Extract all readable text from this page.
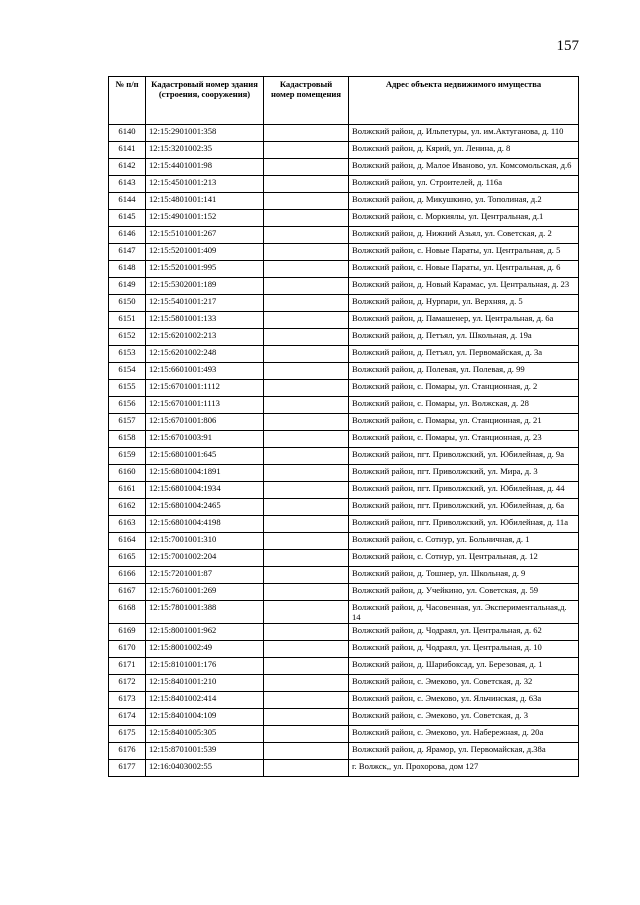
157
№ п/п	Кадастровый номер здания (строения, сооружения)	Кадастровый номер помещения	Адрес объекта недвижимого имущества
6140	12:15:2901001:358		Волжский район, д. Ильпетуры, ул. им.Актуганова, д. 110
6141	12:15:3201002:35		Волжский район, д. Кярий, ул. Ленина, д. 8
6142	12:15:4401001:98		Волжский район, д. Малое Иваново, ул. Комсомольская, д.6
6143	12:15:4501001:213		Волжский район, ул. Строителей, д. 116а
6144	12:15:4801001:141		Волжский район, д. Микушкино, ул. Тополиная, д.2
6145	12:15:4901001:152		Волжский район, с. Моркиялы, ул. Центральная, д.1
6146	12:15:5101001:267		Волжский район, д. Нижний Азьял, ул. Советская, д. 2
6147	12:15:5201001:409		Волжский район, с. Новые Параты, ул. Центральная, д. 5
6148	12:15:5201001:995		Волжский район, с. Новые Параты, ул. Центральная, д. 6
6149	12:15:5302001:189		Волжский район, д. Новый Карамас, ул. Центральная, д. 23
6150	12:15:5401001:217		Волжский район, д. Нурпари, ул. Верхняя, д. 5
6151	12:15:5801001:133		Волжский район, д. Памашенер, ул. Центральная, д. 6а
6152	12:15:6201002:213		Волжский район, д. Петъял, ул. Школьная, д. 19а
6153	12:15:6201002:248		Волжский район, д. Петъял, ул. Первомайская, д. 3а
6154	12:15:6601001:493		Волжский район, д. Полевая, ул. Полевая, д. 99
6155	12:15:6701001:1112		Волжский район, с. Помары, ул. Станционная, д. 2
6156	12:15:6701001:1113		Волжский район, с. Помары, ул. Волжская, д. 28
6157	12:15:6701001:806		Волжский район, с. Помары, ул. Станционная, д. 21
6158	12:15:6701003:91		Волжский район, с. Помары, ул. Станционная, д. 23
6159	12:15:6801001:645		Волжский район, пгт. Приволжский, ул. Юбилейная, д. 9а
6160	12:15:6801004:1891		Волжский район, пгт. Приволжский, ул. Мира, д. 3
6161	12:15:6801004:1934		Волжский район, пгт. Приволжский, ул. Юбилейная, д. 44
6162	12:15:6801004:2465		Волжский район, пгт. Приволжский, ул. Юбилейная, д. 6а
6163	12:15:6801004:4198		Волжский район, пгт. Приволжский, ул. Юбилейная, д. 11а
6164	12:15:7001001:310		Волжский район, с. Сотнур, ул. Больничная, д. 1
6165	12:15:7001002:204		Волжский район, с. Сотнур, ул. Центральная, д. 12
6166	12:15:7201001:87		Волжский район, д. Тошнер, ул. Школьная, д. 9
6167	12:15:7601001:269		Волжский район, д. Учейкино, ул. Советская, д. 59
6168	12:15:7801001:388		Волжский район, д. Часовенная, ул. Экспериментальная,д. 14
6169	12:15:8001001:962		Волжский район, д. Чодраял, ул. Центральная, д. 62
6170	12:15:8001002:49		Волжский район, д. Чодраял, ул. Центральная, д. 10
6171	12:15:8101001:176		Волжский район, д. Шарибоксад, ул. Березовая, д. 1
6172	12:15:8401001:210		Волжский район, с. Эмеково, ул. Советская, д. 32
6173	12:15:8401002:414		Волжский район, с. Эмеково, ул. Яльчинская, д. 63а
6174	12:15:8401004:109		Волжский район, с. Эмеково, ул. Советская, д. 3
6175	12:15:8401005:305		Волжский район, с. Эмеково, ул. Набережная, д. 20а
6176	12:15:8701001:539		Волжский район, д. Ярамор, ул. Первомайская, д.38а
6177	12:16:0403002:55		г. Волжск,, ул. Прохорова, дом 127
